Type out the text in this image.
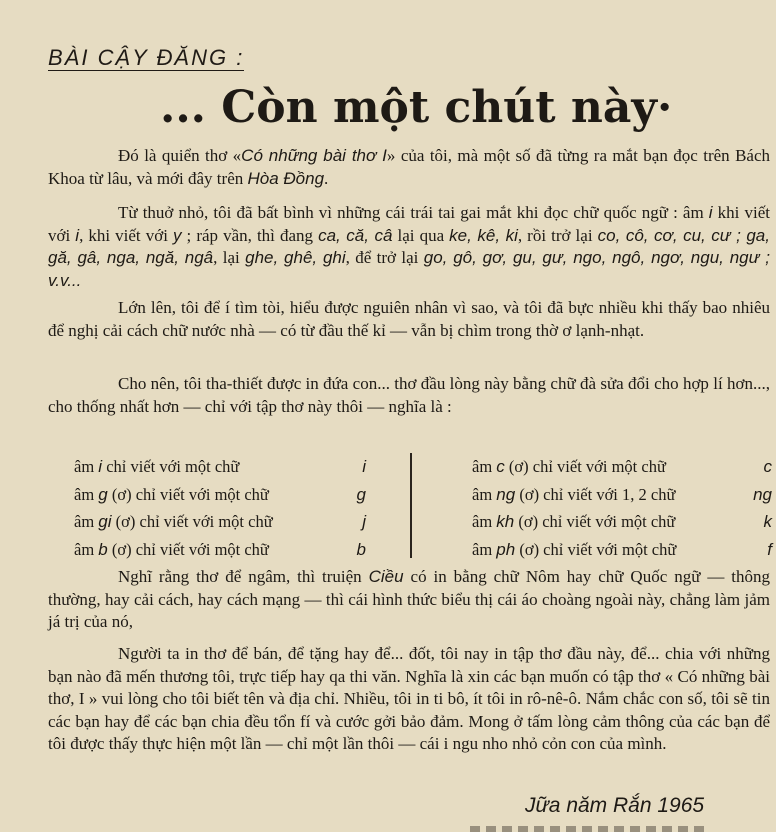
BÀI CẬY ĐĂNG :
... Còn một chút này·

Đó là quiển thơ «Có những bài thơ I» của tôi, mà một số đã từng ra mắt bạn đọc trên Bách Khoa từ lâu, và mới đây trên Hòa Đồng.

Từ thuở nhỏ, tôi đã bất bình vì những cái trái tai gai mắt khi đọc chữ quốc ngữ : âm i khi viết với i, khi viết với y ; ráp vần, thì đang ca, că, câ lại qua ke, kê, ki, rồi trở lại co, cô, cơ, cu, cư ; ga, gă, gâ, nga, ngă, ngâ, lại ghe, ghê, ghi, để trở lại go, gô, gơ, gu, gư, ngo, ngô, ngơ, ngu, ngư ; v.v...

Lớn lên, tôi để í tìm tòi, hiểu được nguiên nhân vì sao, và tôi đã bực nhiều khi thấy bao nhiêu để nghị cải cách chữ nước nhà — có từ đầu thế kỉ — vẫn bị chìm trong thờ ơ lạnh-nhạt.

Cho nên, tôi tha-thiết được in đứa con... thơ đầu lòng này bằng chữ đà sửa đổi cho hợp lí hơn..., cho thống nhất hơn — chỉ với tập thơ này thôi — nghĩa là :

âm i chỉ viết với một chữ	i
âm g (ơ) chỉ viết với một chữ	g
âm gi (ơ) chỉ viết với một chữ	j
âm b (ơ) chỉ viết với một chữ	b
âm c (ơ) chỉ viết với một chữ	c
âm ng (ơ) chỉ viết với 1, 2 chữ	ng
âm kh (ơ) chỉ viết với một chữ	k
âm ph (ơ) chỉ viết với một chữ	f

Nghĩ rằng thơ để ngâm, thì truiện Ciều có in bằng chữ Nôm hay chữ Quốc ngữ — thông thường, hay cải cách, hay cách mạng — thì cái hình thức biểu thị cái áo choàng ngoài này, chẳng làm jảm já trị của nó,

Người ta in thơ để bán, để tặng hay để... đốt, tôi nay in tập thơ đầu này, để... chia với những bạn nào đã mến thương tôi, trực tiếp hay qa thi văn. Nghĩa là xin các bạn muốn có tập thơ « Có những bài thơ, I » vui lòng cho tôi biết tên và địa chỉ. Nhiều, tôi in ti bô, ít tôi in rô-nê-ô. Nắm chắc con số, tôi sẽ tin các bạn hay để các bạn chia đều tổn fí và cước gởi bảo đảm. Mong ở tấm lòng cảm thông của các bạn để tôi được thấy thực hiện một lần — chỉ một lần thôi — cái i ngu nho nhỏ cỏn con của mình.

Jữa năm Rắn 1965
